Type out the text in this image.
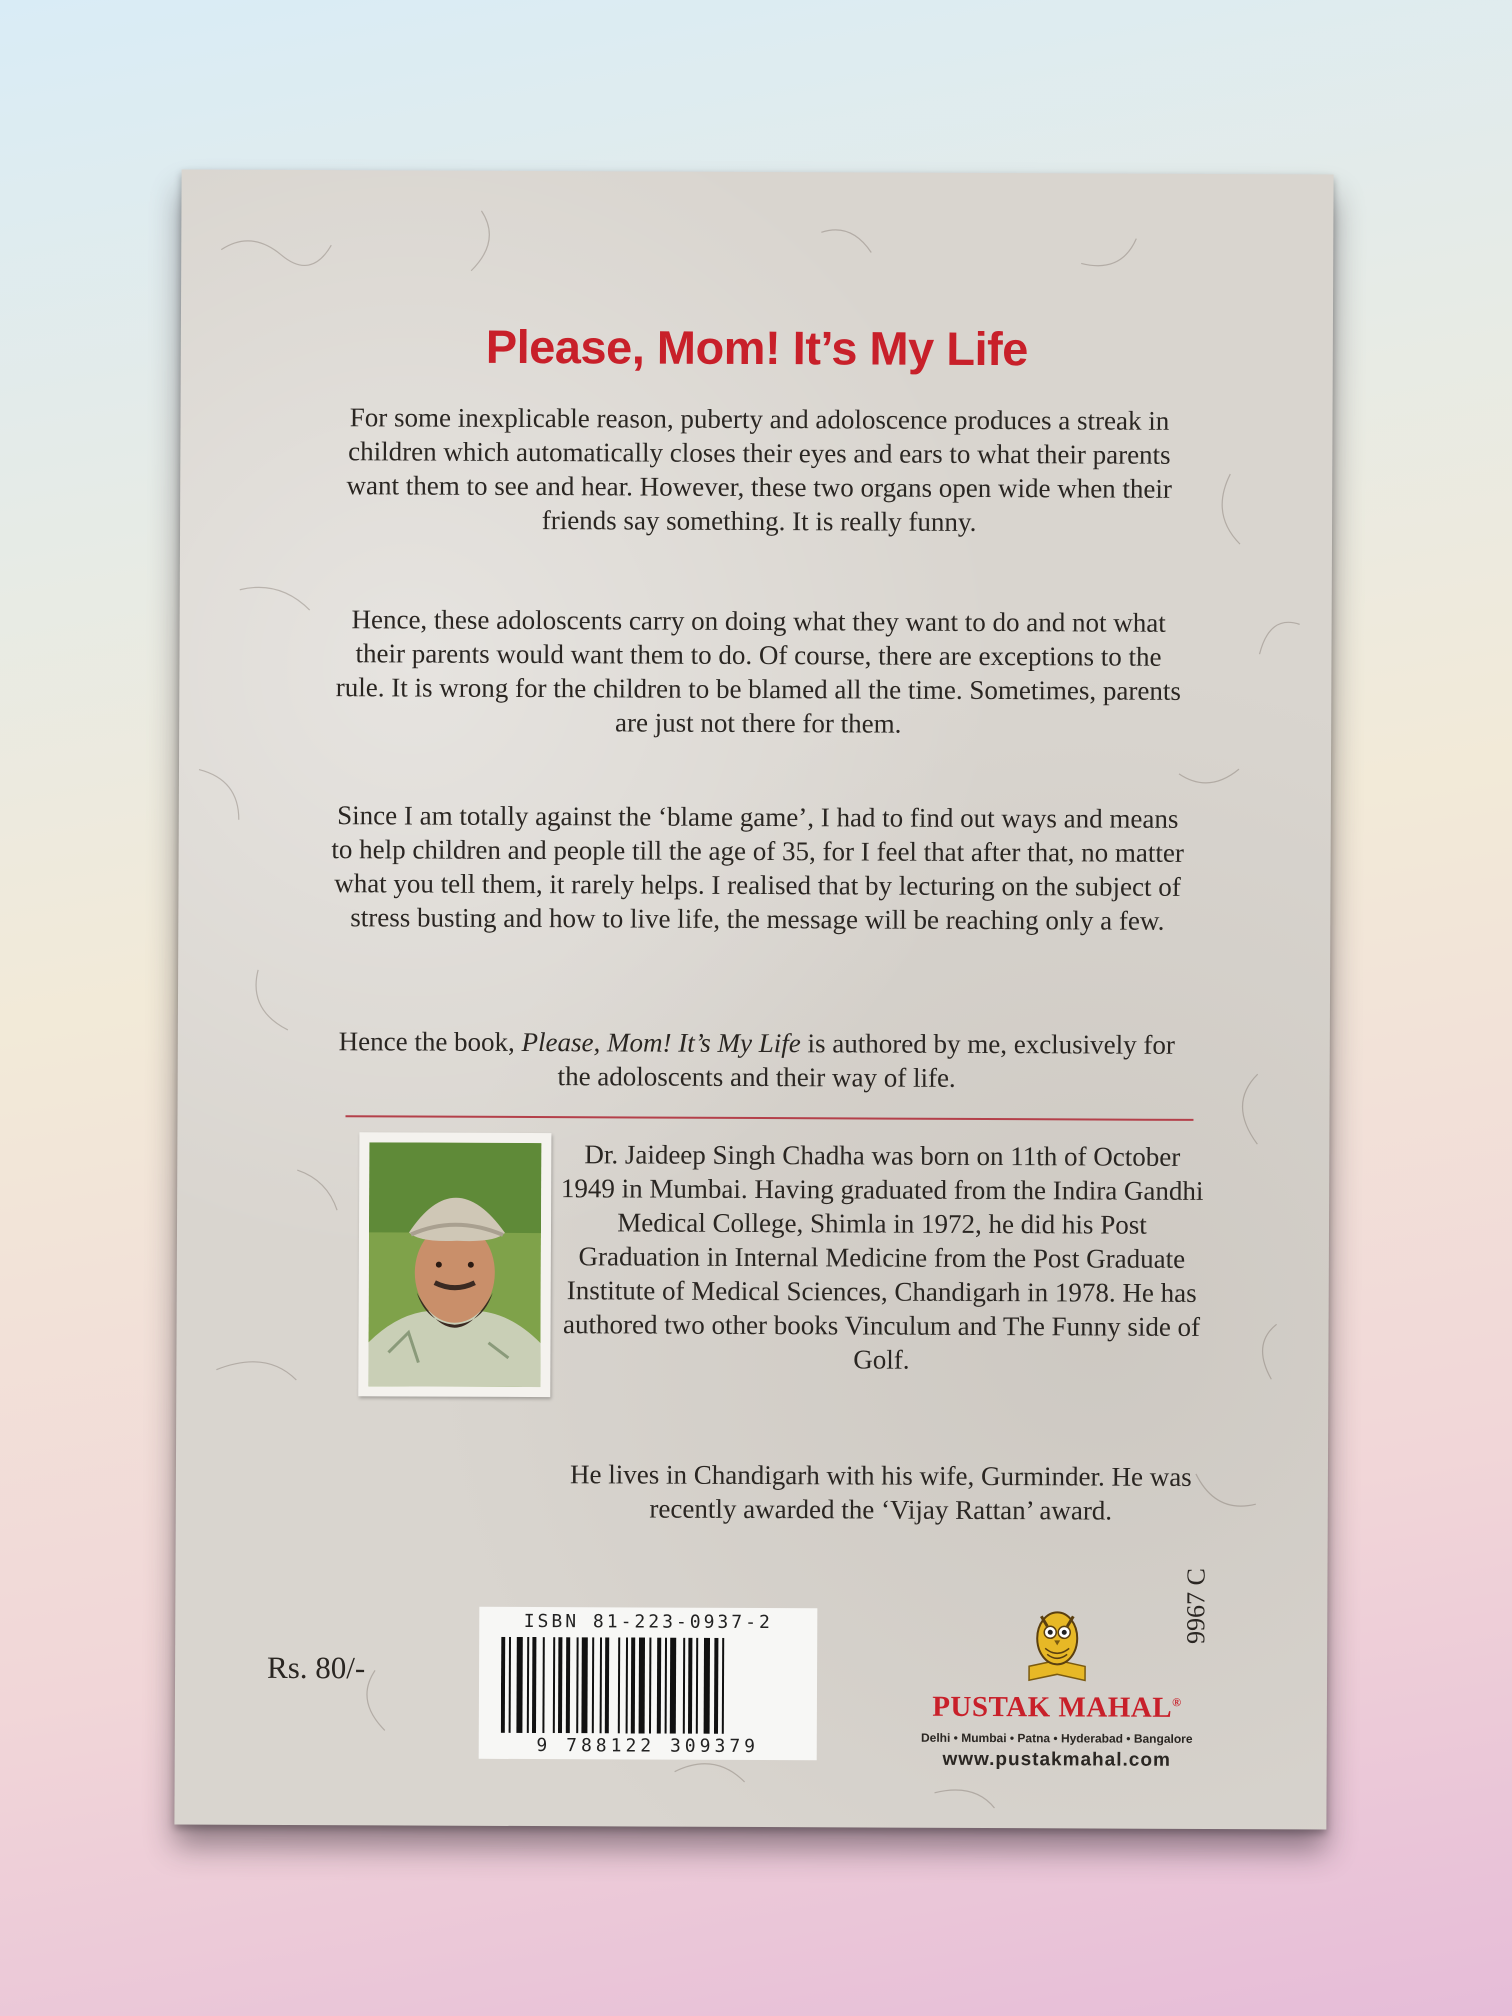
Please, Mom! It’s My Life

For some inexplicable reason, puberty and adoloscence produces a streak in children which automatically closes their eyes and ears to what their parents want them to see and hear. However, these two organs open wide when their friends say something. It is really funny.

Hence, these adoloscents carry on doing what they want to do and not what their parents would want them to do. Of course, there are exceptions to the rule. It is wrong for the children to be blamed all the time. Sometimes, parents are just not there for them.

Since I am totally against the ‘blame game’, I had to find out ways and means to help children and people till the age of 35, for I feel that after that, no matter what you tell them, it rarely helps. I realised that by lecturing on the subject of stress busting and how to live life, the message will be reaching only a few.

Hence the book, Please, Mom! It’s My Life is authored by me, exclusively for the adoloscents and their way of life.

Dr. Jaideep Singh Chadha was born on 11th of October 1949 in Mumbai. Having graduated from the Indira Gandhi Medical College, Shimla in 1972, he did his Post Graduation in Internal Medicine from the Post Graduate Institute of Medical Sciences, Chandigarh in 1978. He has authored two other books Vinculum and The Funny side of Golf.

He lives in Chandigarh with his wife, Gurminder. He was recently awarded the ‘Vijay Rattan’ award.

Rs. 80/-
ISBN 81-223-0937-2
9 788122 309379
PUSTAK MAHAL®
Delhi • Mumbai • Patna • Hyderabad • Bangalore
www.pustakmahal.com
9967 C
